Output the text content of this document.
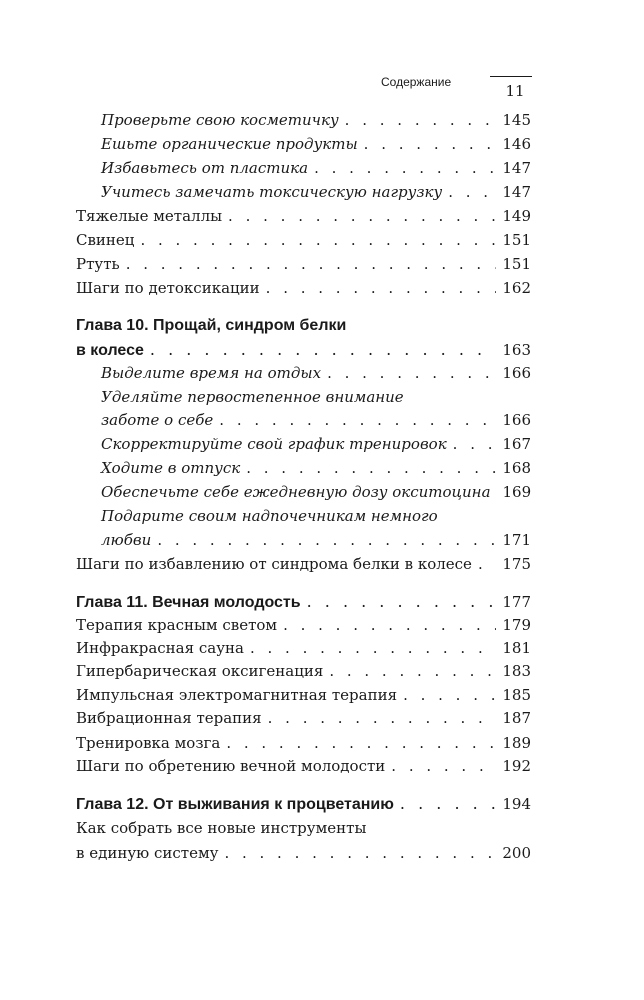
Содержание	11
Проверьте свою косметичку . . .	145
Ешьте органические продукты . . .	146
Избавьтесь от пластика . . .	147
Учитесь замечать токсическую нагрузку . . .	147
Тяжелые металлы . . .	149
Свинец . . .	151
Ртуть . . .	151
Шаги по детоксикации . . .	162
Глава 10. Прощай, синдром белки
в колесе . . .	163
Выделите время на отдых . . .	166
Уделяйте первостепенное внимание
заботе о себе . . .	166
Скорректируйте свой график тренировок . . .	167
Ходите в отпуск . . .	168
Обеспечьте себе ежедневную дозу окситоцина 169
Подарите своим надпочечникам немного
любви . . .	171
Шаги по избавлению от синдрома белки в колесе . . . 175
Глава 11. Вечная молодость . . .	177
Терапия красным светом . . .	179
Инфракрасная сауна . . .	181
Гипербарическая оксигенация . . .	183
Импульсная электромагнитная терапия . . .	185
Вибрационная терапия . . .	187
Тренировка мозга . . .	189
Шаги по обретению вечной молодости . . .	192
Глава 12. От выживания к процветанию . . .	194
Как собрать все новые инструменты
в единую систему . . .	200
